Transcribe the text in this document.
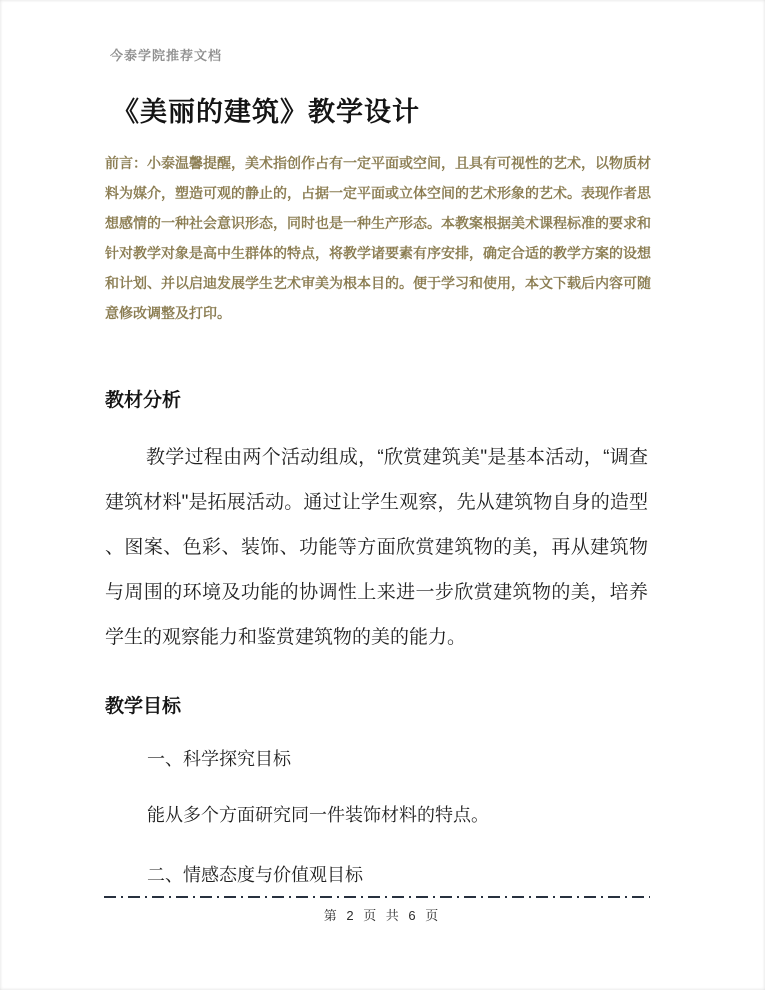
今泰学院推荐文档
《美丽的建筑》教学设计
前言：小泰温馨提醒，美术指创作占有一定平面或空间，且具有可视性的艺术，以物质材
料为媒介，塑造可观的静止的，占据一定平面或立体空间的艺术形象的艺术。表现作者思
想感情的一种社会意识形态，同时也是一种生产形态。本教案根据美术课程标准的要求和
针对教学对象是高中生群体的特点，将教学诸要素有序安排，确定合适的教学方案的设想
和计划、并以启迪发展学生艺术审美为根本目的。便于学习和使用，本文下载后内容可随
意修改调整及打印。
教材分析
教学过程由两个活动组成，“欣赏建筑美"是基本活动，“调查
建筑材料"是拓展活动。通过让学生观察，先从建筑物自身的造型
、图案、色彩、装饰、功能等方面欣赏建筑物的美，再从建筑物
与周围的环境及功能的协调性上来进一步欣赏建筑物的美，培养
学生的观察能力和鉴赏建筑物的美的能力。
教学目标
一、科学探究目标
能从多个方面研究同一件装饰材料的特点。
二、情感态度与价值观目标
第 2 页 共 6 页
